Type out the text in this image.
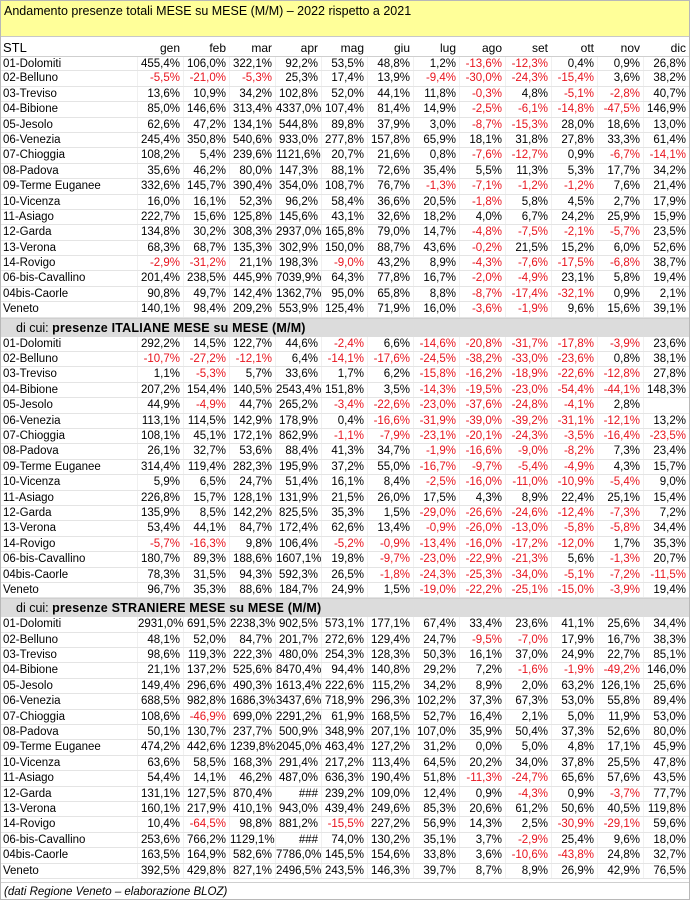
Andamento presenze totali MESE su MESE (M/M) – 2022 rispetto a 2021
STL	gen	feb	mar	apr	mag	giu	lug	ago	set	ott	nov	dic
01-Dolomiti	455,4% 106,0% 322,1%	92,2%	53,5%	48,8%	1,2% -13,6% -12,3%	0,4%	0,9%	26,8%
02-Belluno	-5,5% -21,0%	-5,3%	25,3%	17,4%	13,9%	-9,4% -30,0% -24,3% -15,4%	3,6%	38,2%
03-Treviso	13,6%	10,9%	34,2% 102,8%	52,0%	44,1%	11,8%	-0,3%	4,8%	-5,1%	-2,8%	40,7%
04-Bibione	85,0% 146,6% 313,4% 4337,0% 107,4%	81,4%	14,9%	-2,5%	-6,1% -14,8% -47,5% 146,9%
05-Jesolo	62,6%	47,2% 134,1% 544,8%	89,8%	37,9%	3,0%	-8,7% -15,3%	28,0%	18,6%	13,0%
06-Venezia	245,4% 350,8% 540,6% 933,0% 277,8% 157,8%	65,9%	18,1%	31,8%	27,8%	33,3%	61,4%
07-Chioggia	108,2%	5,4% 239,6% 1121,6% 20,7%	21,6%	0,8%	-7,6% -12,7%	0,9%	-6,7% -14,1%
08-Padova	35,6%	46,2%	80,0% 147,3%	88,1%	72,6%	35,4%	5,5%	11,3%	5,3%	17,7%	34,2%
09-Terme Euganee	332,6% 145,7% 390,4% 354,0% 108,7%	76,7%	-1,3%	-7,1%	-1,2%	-1,2%	7,6%	21,4%
10-Vicenza	16,0%	16,1%	52,3%	96,2%	58,4%	36,6%	20,5%	-1,8%	5,8%	4,5%	2,7%	17,9%
11-Asiago	222,7%	15,6% 125,8% 145,6%	43,1%	32,6%	18,2%	4,0%	6,7%	24,2%	25,9%	15,9%
12-Garda	134,8%	30,2% 308,3% 2937,0% 165,8%	79,0%	14,7%	-4,8%	-7,5%	-2,1%	-5,7%	23,5%
13-Verona	68,3%	68,7% 135,3% 302,9% 150,0%	88,7%	43,6%	-0,2%	21,5%	15,2%	6,0%	52,6%
14-Rovigo	-2,9% -31,2%	21,1% 198,3%	-9,0%	43,2%	8,9%	-4,3%	-7,6% -17,5%	-6,8%	38,7%
06-bis-Cavallino	201,4% 238,5% 445,9% 7039,9% 64,3%	77,8%	16,7%	-2,0%	-4,9%	23,1%	5,8%	19,4%
04bis-Caorle	90,8%	49,7% 142,4% 1362,7% 95,0%	65,8%	8,8%	-8,7% -17,4% -32,1%	0,9%	2,1%
Veneto	140,1%	98,4% 209,2% 553,9% 125,4%	71,9%	16,0%	-3,6%	-1,9%	9,6%	15,6%	39,1%
di cui: presenze ITALIANE MESE su MESE (M/M)
01-Dolomiti	292,2%	14,5% 122,7%	44,6%	-2,4%	6,6% -14,6% -20,8% -31,7% -17,8%	-3,9%	23,6%
02-Belluno	-10,7% -27,2% -12,1%	6,4% -14,1% -17,6% -24,5% -38,2% -33,0% -23,6%	0,8%	38,1%
03-Treviso	1,1%	-5,3%	5,7%	33,6%	1,7%	6,2% -15,8% -16,2% -18,9% -22,6% -12,8%	27,8%
04-Bibione	207,2% 154,4% 140,5% 2543,4% 151,8%	3,5% -14,3% -19,5% -23,0% -54,4% -44,1% 148,3%
05-Jesolo	44,9%	-4,9%	44,7% 265,2%	-3,4% -22,6% -23,0% -37,6% -24,8%	-4,1%	2,8%
06-Venezia	113,1% 114,5% 142,9% 178,9%	0,4% -16,6% -31,9% -39,0% -39,2% -31,1% -12,1%	13,2%
07-Chioggia	108,1%	45,1% 172,1% 862,9%	-1,1%	-7,9% -23,1% -20,1% -24,3%	-3,5% -16,4% -23,5%
08-Padova	26,1%	32,7%	53,6%	88,4%	41,3%	34,7%	-1,9% -16,6%	-9,0%	-8,2%	7,3%	23,4%
09-Terme Euganee	314,4% 119,4% 282,3% 195,9%	37,2%	55,0% -16,7%	-9,7%	-5,4%	-4,9%	4,3%	15,7%
10-Vicenza	5,9%	6,5%	24,7%	51,4%	16,1%	8,4%	-2,5% -16,0% -11,0% -10,9%	-5,4%	9,0%
11-Asiago	226,8%	15,7% 128,1% 131,9%	21,5%	26,0%	17,5%	4,3%	8,9%	22,4%	25,1%	15,4%
12-Garda	135,9%	8,5% 142,2% 825,5%	35,3%	1,5% -29,0% -26,6% -24,6% -12,4%	-7,3%	7,2%
13-Verona	53,4%	44,1%	84,7% 172,4%	62,6%	13,4%	-0,9% -26,0% -13,0%	-5,8%	-5,8%	34,4%
14-Rovigo	-5,7% -16,3%	9,8% 106,4%	-5,2%	-0,9% -13,4% -16,0% -17,2% -12,0%	1,7%	35,3%
06-bis-Cavallino	180,7%	89,3% 188,6% 1607,1% 19,8%	-9,7% -23,0% -22,9% -21,3%	5,6%	-1,3%	20,7%
04bis-Caorle	78,3%	31,5%	94,3% 592,3%	26,5%	-1,8% -24,3% -25,3% -34,0%	-5,1%	-7,2% -11,5%
Veneto	96,7%	35,3%	88,6% 184,7%	24,9%	1,5% -19,0% -22,2% -25,1% -15,0%	-3,9%	19,4%
di cui: presenze STRANIERE MESE su MESE (M/M)
01-Dolomiti	2931,0% 691,5% 2238,3% 902,5% 573,1% 177,1%	67,4%	33,4%	23,6%	41,1%	25,6%	34,4%
02-Belluno	48,1%	52,0%	84,7% 201,7% 272,6% 129,4%	24,7%	-9,5%	-7,0%	17,9%	16,7%	38,3%
03-Treviso	98,6% 119,3% 222,3% 480,0% 254,3% 128,3%	50,3%	16,1%	37,0%	24,9%	22,7%	85,1%
04-Bibione	21,1% 137,2% 525,6% 8470,4% 94,4% 140,8%	29,2%	7,2%	-1,6%	-1,9% -49,2% 146,0%
05-Jesolo	149,4% 296,6% 490,3% 1613,4% 222,6% 115,2%	34,2%	8,9%	2,0%	63,2% 126,1%	25,6%
06-Venezia	688,5% 982,8% 1686,3% 3437,6% 718,9% 296,3% 102,2%	37,3%	67,3%	53,0%	55,8%	89,4%
07-Chioggia	108,6% -46,9% 699,0% 2291,2% 61,9% 168,5%	52,7%	16,4%	2,1%	5,0%	11,9%	53,0%
08-Padova	50,1% 130,7% 237,7% 500,9% 348,9% 207,1% 107,0%	35,9%	50,4%	37,3%	52,6%	80,0%
09-Terme Euganee	474,2% 442,6% 1239,8% 2045,0% 463,4% 127,2%	31,2%	0,0%	5,0%	4,8%	17,1%	45,9%
10-Vicenza	63,6%	58,5% 168,3% 291,4% 217,2% 113,4%	64,5%	20,2%	34,0%	37,8%	25,5%	47,8%
11-Asiago	54,4%	14,1%	46,2% 487,0% 636,3% 190,4%	51,8% -11,3% -24,7%	65,6%	57,6%	43,5%
12-Garda	131,1% 127,5% 870,4%	### 239,2% 109,0%	12,4%	0,9%	-4,3%	0,9%	-3,7%	77,7%
13-Verona	160,1% 217,9% 410,1% 943,0% 439,4% 249,6%	85,3%	20,6%	61,2%	50,6%	40,5% 119,8%
14-Rovigo	10,4% -64,5%	98,8% 881,2% -15,5% 227,2%	56,9%	14,3%	2,5% -30,9% -29,1%	59,6%
06-bis-Cavallino	253,6% 766,2% 1129,1%	###	74,0% 130,2%	35,1%	3,7%	-2,9%	25,4%	9,6%	18,0%
04bis-Caorle	163,5% 164,9% 582,6% 7786,0% 145,5% 154,6%	33,8%	3,6% -10,6% -43,8%	24,8%	32,7%
Veneto	392,5% 429,8% 827,1% 2496,5% 243,5% 146,3%	39,7%	8,7%	8,9%	26,9%	42,9%	76,5%
(dati Regione Veneto – elaborazione BLOZ)
